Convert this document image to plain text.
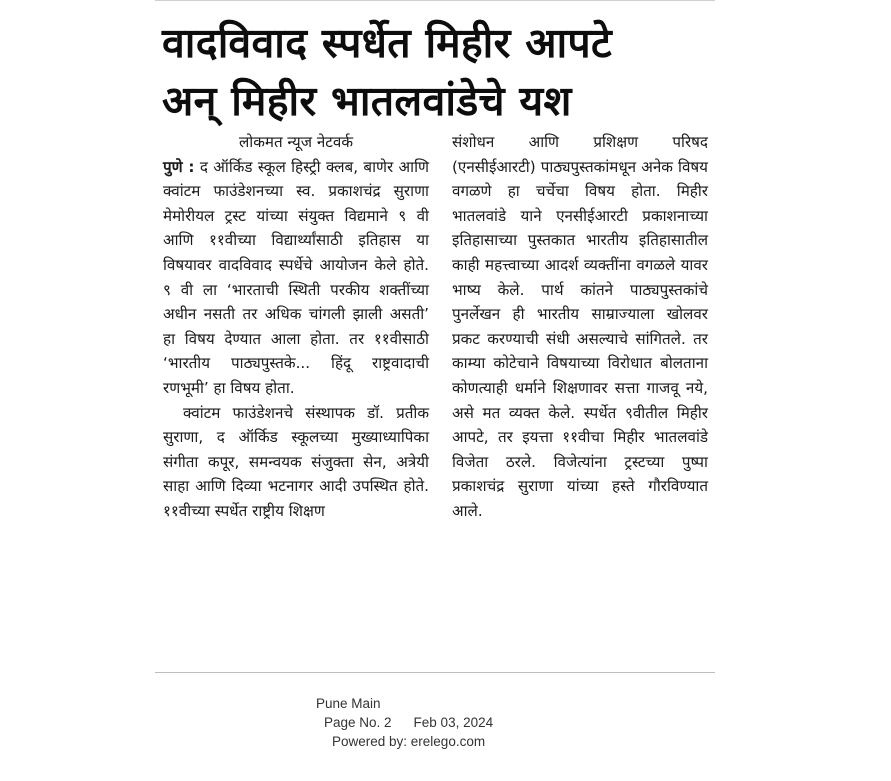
वादविवाद स्पर्धेत मिहीर आपटे
अन् मिहीर भातलवांडेचे यश
लोकमत न्यूज नेटवर्क

पुणे : द ऑर्किड स्कूल हिस्ट्री क्लब, बाणेर आणि क्वांटम फाउंडेशनच्या स्व. प्रकाशचंद्र सुराणा मेमोरीयल ट्रस्ट यांच्या संयुक्त विद्यमाने ९ वी आणि ११वीच्या विद्यार्थ्यांसाठी इतिहास या विषयावर वादविवाद स्पर्धेचे आयोजन केले होते. ९ वी ला ‘भारताची स्थिती परकीय शक्तींच्या अधीन नसती तर अधिक चांगली झाली असती’ हा विषय देण्यात आला होता. तर ११वीसाठी ‘भारतीय पाठ्यपुस्तके... हिंदू राष्ट्रवादाची रणभूमी’ हा विषय होता.

क्वांटम फाउंडेशनचे संस्थापक डॉ. प्रतीक सुराणा, द ऑर्किड स्कूलच्या मुख्याध्यापिका संगीता कपूर, समन्वयक संजुक्ता सेन, अत्रेयी साहा आणि दिव्या भटनागर आदी उपस्थित होते. ११वीच्या स्पर्धेत राष्ट्रीय शिक्षण

संशोधन आणि प्रशिक्षण परिषद (एनसीईआरटी) पाठ्यपुस्तकांमधून अनेक विषय वगळणे हा चर्चेचा विषय होता. मिहीर भातलवांडे याने एनसीईआरटी प्रकाशनाच्या इतिहासाच्या पुस्तकात भारतीय इतिहासातील काही महत्त्वाच्या आदर्श व्यक्तींना वगळले यावर भाष्य केले. पार्थ कांतने पाठ्यपुस्तकांचे पुनर्लेखन ही भारतीय साम्राज्याला खोलवर प्रकट करण्याची संधी असल्याचे सांगितले. तर काम्या कोटेचाने विषयाच्या विरोधात बोलताना कोणत्याही धर्माने शिक्षणावर सत्ता गाजवू नये, असे मत व्यक्त केले. स्पर्धेत ९वीतील मिहीर आपटे, तर इयत्ता ११वीचा मिहीर भातलवांडे विजेता ठरले. विजेत्यांना ट्रस्टच्या पुष्पा प्रकाशचंद्र सुराणा यांच्या हस्ते गौरविण्यात आले.

Pune Main
Page No. 2 Feb 03, 2024
Powered by: erelego.com
